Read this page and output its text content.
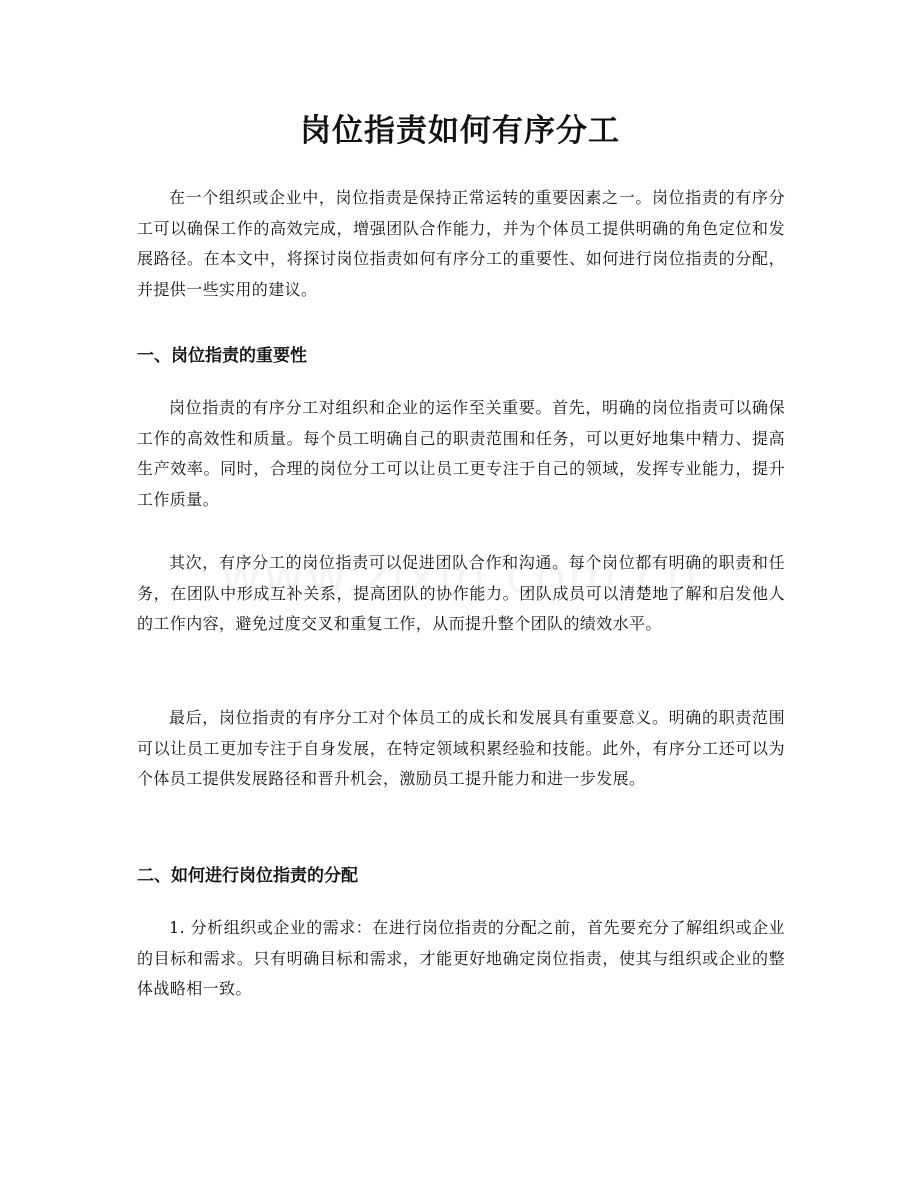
岗位指责如何有序分工

在一个组织或企业中，岗位指责是保持正常运转的重要因素之一。岗位指责的有序分工可以确保工作的高效完成，增强团队合作能力，并为个体员工提供明确的角色定位和发展路径。在本文中，将探讨岗位指责如何有序分工的重要性、如何进行岗位指责的分配，并提供一些实用的建议。

一、岗位指责的重要性

岗位指责的有序分工对组织和企业的运作至关重要。首先，明确的岗位指责可以确保工作的高效性和质量。每个员工明确自己的职责范围和任务，可以更好地集中精力、提高生产效率。同时，合理的岗位分工可以让员工更专注于自己的领域，发挥专业能力，提升工作质量。

其次，有序分工的岗位指责可以促进团队合作和沟通。每个岗位都有明确的职责和任务，在团队中形成互补关系，提高团队的协作能力。团队成员可以清楚地了解和启发他人的工作内容，避免过度交叉和重复工作，从而提升整个团队的绩效水平。

最后，岗位指责的有序分工对个体员工的成长和发展具有重要意义。明确的职责范围可以让员工更加专注于自身发展，在特定领域积累经验和技能。此外，有序分工还可以为个体员工提供发展路径和晋升机会，激励员工提升能力和进一步发展。

二、如何进行岗位指责的分配

1. 分析组织或企业的需求：在进行岗位指责的分配之前，首先要充分了解组织或企业的目标和需求。只有明确目标和需求，才能更好地确定岗位指责，使其与组织或企业的整体战略相一致。
